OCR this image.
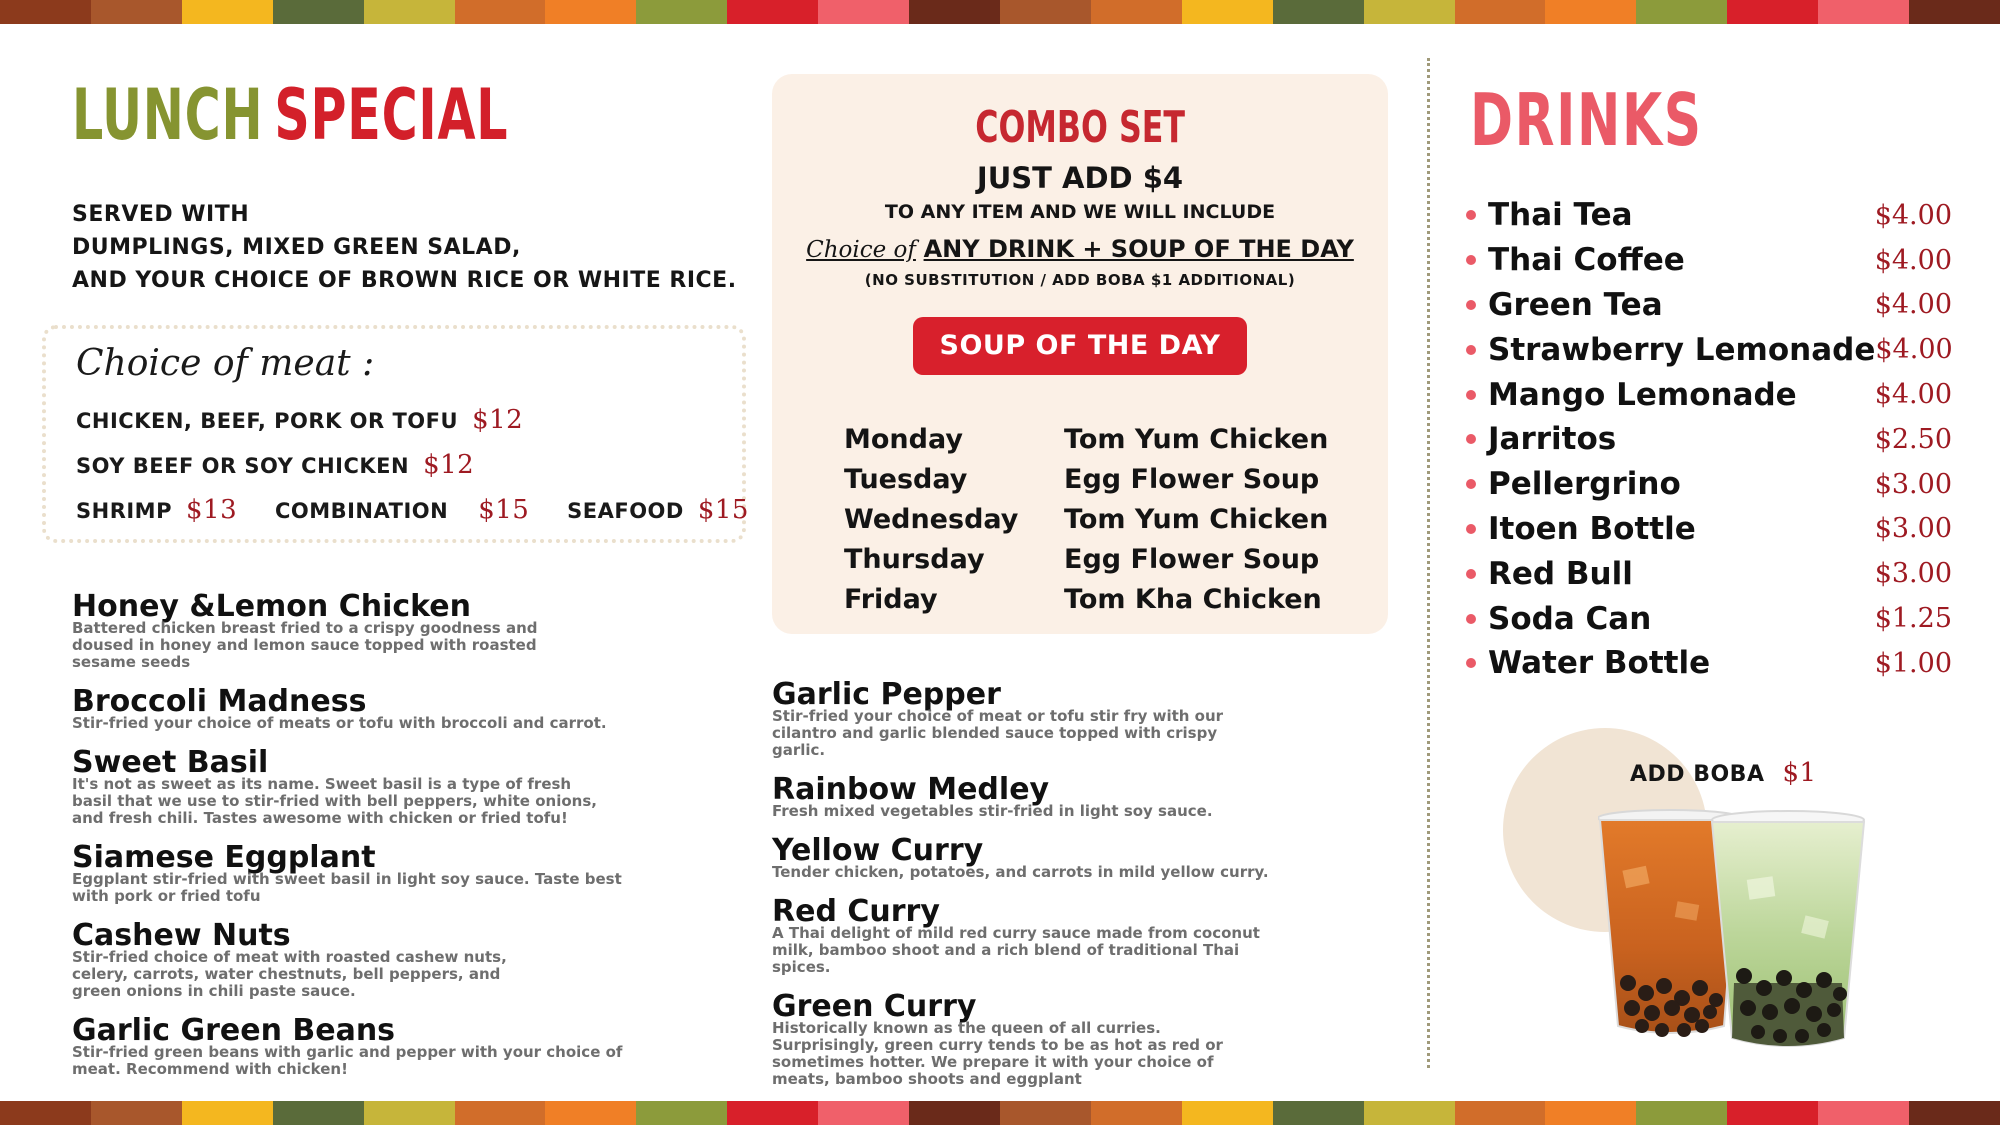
LUNCH SPECIAL
SERVED WITH
DUMPLINGS, MIXED GREEN SALAD,
AND YOUR CHOICE OF BROWN RICE OR WHITE RICE.
Choice of meat :
CHICKEN, BEEF, PORK OR TOFU $12
SOY BEEF OR SOY CHICKEN $12
SHRIMP $13 COMBINATION $15 SEAFOOD $15
Honey &Lemon Chicken
Battered chicken breast fried to a crispy goodness and doused in honey and lemon sauce topped with roasted sesame seeds
Broccoli Madness
Stir-fried your choice of meats or tofu with broccoli and carrot.
Sweet Basil
It's not as sweet as its name. Sweet basil is a type of fresh basil that we use to stir-fried with bell peppers, white onions, and fresh chili. Tastes awesome with chicken or fried tofu!
Siamese Eggplant
Eggplant stir-fried with sweet basil in light soy sauce. Taste best with pork or fried tofu
Cashew Nuts
Stir-fried choice of meat with roasted cashew nuts, celery, carrots, water chestnuts, bell peppers, and green onions in chili paste sauce.
Garlic Green Beans
Stir-fried green beans with garlic and pepper with your choice of meat. Recommend with chicken!
COMBO SET
JUST ADD $4
TO ANY ITEM AND WE WILL INCLUDE
Choice of ANY DRINK + SOUP OF THE DAY
(NO SUBSTITUTION / ADD BOBA $1 ADDITIONAL)
SOUP OF THE DAY
Monday	Tom Yum Chicken
Tuesday	Egg Flower Soup
Wednesday	Tom Yum Chicken
Thursday	Egg Flower Soup
Friday	Tom Kha Chicken
Garlic Pepper
Stir-fried your choice of meat or tofu stir fry with our cilantro and garlic blended sauce topped with crispy garlic.
Rainbow Medley
Fresh mixed vegetables stir-fried in light soy sauce.
Yellow Curry
Tender chicken, potatoes, and carrots in mild yellow curry.
Red Curry
A Thai delight of mild red curry sauce made from coconut milk, bamboo shoot and a rich blend of traditional Thai spices.
Green Curry
Historically known as the queen of all curries. Surprisingly, green curry tends to be as hot as red or sometimes hotter. We prepare it with your choice of meats, bamboo shoots and eggplant
DRINKS
Thai Tea	$4.00
Thai Coffee	$4.00
Green Tea	$4.00
Strawberry Lemonade $4.00
Mango Lemonade	$4.00
Jarritos	$2.50
Pellergrino	$3.00
Itoen Bottle	$3.00
Red Bull	$3.00
Soda Can	$1.25
Water Bottle	$1.00
ADD BOBA $1
